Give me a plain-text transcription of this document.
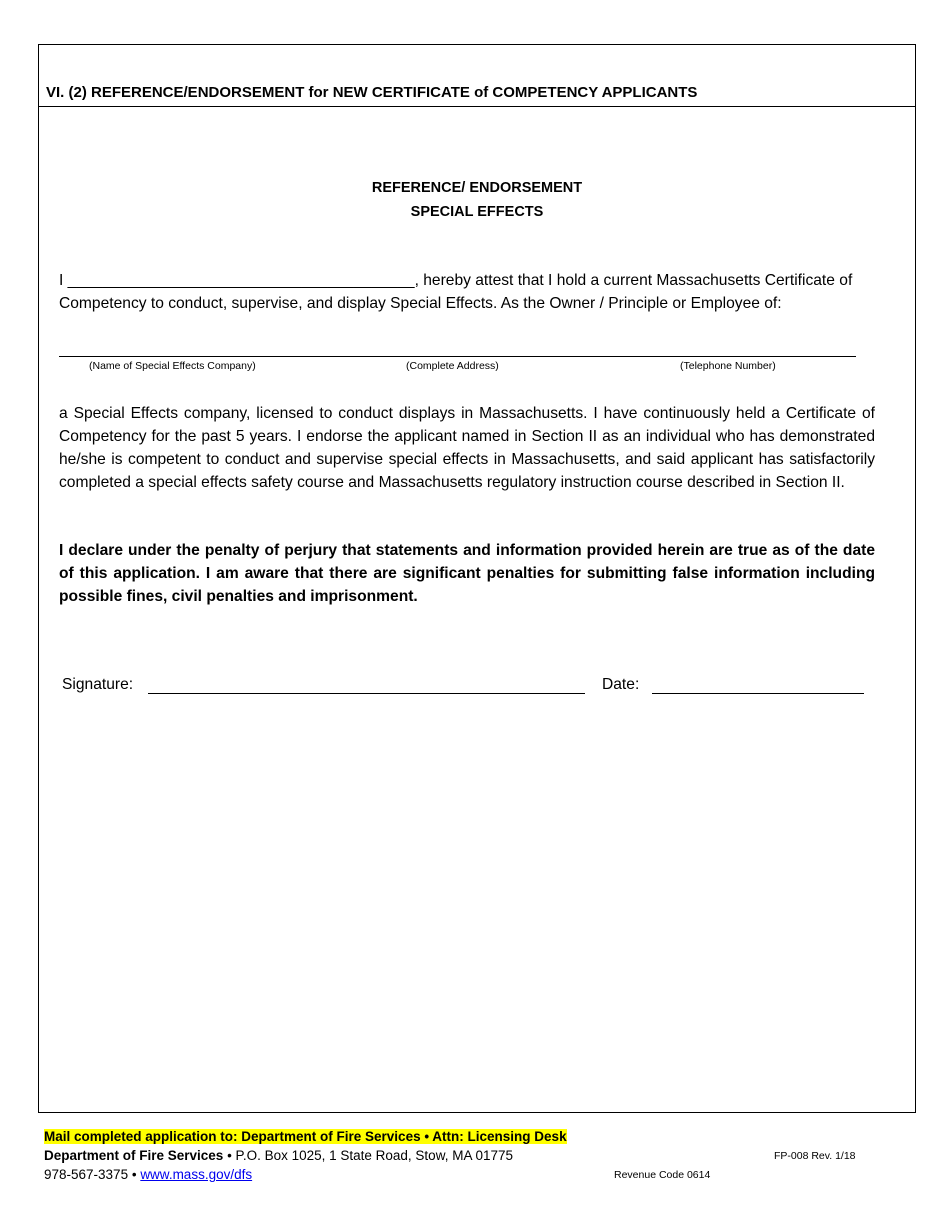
VI. (2) REFERENCE/ENDORSEMENT for NEW CERTIFICATE of COMPETENCY APPLICANTS
REFERENCE/ ENDORSEMENT
SPECIAL EFFECTS
I ________________________________________, hereby attest that I hold a current Massachusetts Certificate of Competency to conduct, supervise, and display Special Effects. As the Owner / Principle or Employee of:
(Name of Special Effects Company)	(Complete Address)	(Telephone Number)
a Special Effects company, licensed to conduct displays in Massachusetts. I have continuously held a Certificate of Competency for the past 5 years. I endorse the applicant named in Section II as an individual who has demonstrated he/she is competent to conduct and supervise special effects in Massachusetts, and said applicant has satisfactorily completed a special effects safety course and Massachusetts regulatory instruction course described in Section II.
I declare under the penalty of perjury that statements and information provided herein are true as of the date of this application. I am aware that there are significant penalties for submitting false information including possible fines, civil penalties and imprisonment.
Signature:	Date:
Mail completed application to: Department of Fire Services • Attn: Licensing Desk
Department of Fire Services • P.O. Box 1025, 1 State Road, Stow, MA 01775
978-567-3375 • www.mass.gov/dfs
FP-008 Rev. 1/18
Revenue Code 0614
